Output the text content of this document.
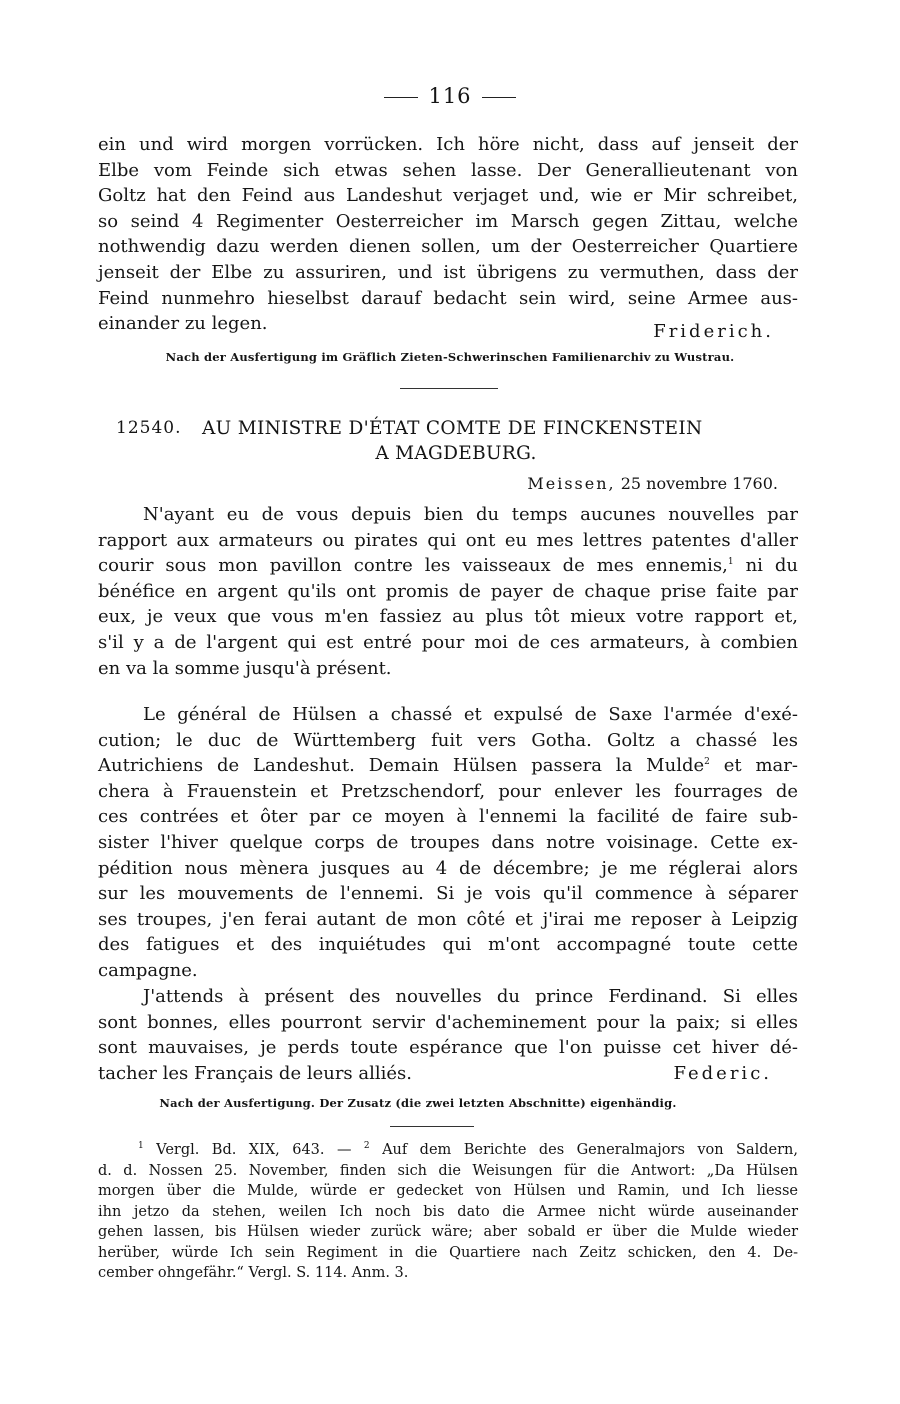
116
ein und wird morgen vorrücken. Ich höre nicht, dass auf jenseit der
Elbe vom Feinde sich etwas sehen lasse. Der Generallieutenant von
Goltz hat den Feind aus Landeshut verjaget und, wie er Mir schreibet,
so seind 4 Regimenter Oesterreicher im Marsch gegen Zittau, welche
nothwendig dazu werden dienen sollen, um der Oesterreicher Quartiere
jenseit der Elbe zu assuriren, und ist übrigens zu vermuthen, dass der
Feind nunmehro hieselbst darauf bedacht sein wird, seine Armee aus-
einander zu legen.	Friderich.
Nach der Ausfertigung im Gräflich Zieten-Schwerinschen Familienarchiv zu Wustrau.
12540.	AU MINISTRE D'ÉTAT COMTE DE FINCKENSTEIN
A MAGDEBURG.
Meissen, 25 novembre 1760.
N'ayant eu de vous depuis bien du temps aucunes nouvelles par
rapport aux armateurs ou pirates qui ont eu mes lettres patentes d'aller
courir sous mon pavillon contre les vaisseaux de mes ennemis,$^1$ ni du
bénéfice en argent qu'ils ont promis de payer de chaque prise faite par
eux, je veux que vous m'en fassiez au plus tôt mieux votre rapport et,
s'il y a de l'argent qui est entré pour moi de ces armateurs, à combien
en va la somme jusqu'à présent.
Le général de Hülsen a chassé et expulsé de Saxe l'armée d'exé-
cution; le duc de Württemberg fuit vers Gotha. Goltz a chassé les
Autrichiens de Landeshut. Demain Hülsen passera la Mulde$^2$ et mar-
chera à Frauenstein et Pretzschendorf, pour enlever les fourrages de
ces contrées et ôter par ce moyen à l'ennemi la facilité de faire sub-
sister l'hiver quelque corps de troupes dans notre voisinage. Cette ex-
pédition nous mènera jusques au 4 de décembre; je me réglerai alors
sur les mouvements de l'ennemi. Si je vois qu'il commence à séparer
ses troupes, j'en ferai autant de mon côté et j'irai me reposer à Leipzig
des fatigues et des inquiétudes qui m'ont accompagné toute cette
campagne.
J'attends à présent des nouvelles du prince Ferdinand. Si elles
sont bonnes, elles pourront servir d'acheminement pour la paix; si elles
sont mauvaises, je perds toute espérance que l'on puisse cet hiver dé-
tacher les Français de leurs alliés.	Federic.
Nach der Ausfertigung. Der Zusatz (die zwei letzten Abschnitte) eigenhändig.
$^1$ Vergl. Bd. XIX, 643. — $^2$ Auf dem Berichte des Generalmajors von Saldern,
d. d. Nossen 25. November, finden sich die Weisungen für die Antwort: „Da Hülsen
morgen über die Mulde, würde er gedecket von Hülsen und Ramin, und Ich liesse
ihn jetzo da stehen, weilen Ich noch bis dato die Armee nicht würde auseinander
gehen lassen, bis Hülsen wieder zurück wäre; aber sobald er über die Mulde wieder
herüber, würde Ich sein Regiment in die Quartiere nach Zeitz schicken, den 4. De-
cember ohngefähr.“ Vergl. S. 114. Anm. 3.
